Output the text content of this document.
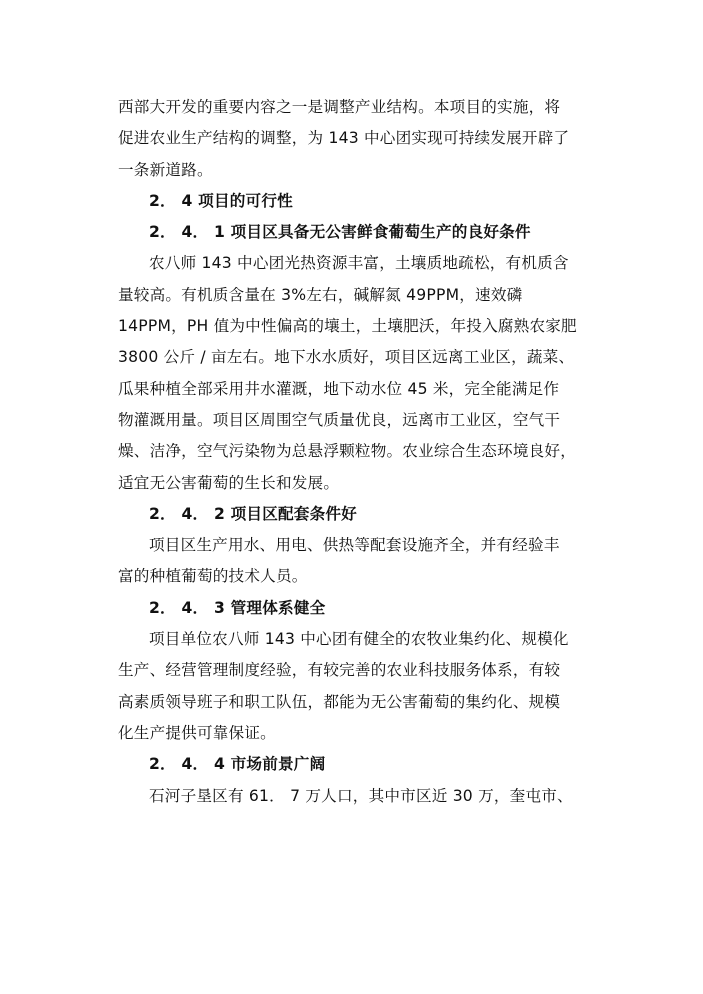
西部大开发的重要内容之一是调整产业结构。本项目的实施，将
促进农业生产结构的调整，为 143 中心团实现可持续发展开辟了
一条新道路。
2． 4 项目的可行性
2． 4． 1 项目区具备无公害鲜食葡萄生产的良好条件
农八师 143 中心团光热资源丰富，土壤质地疏松，有机质含
量较高。有机质含量在 3%左右，碱解氮 49PPM，速效磷
14PPM，PH 值为中性偏高的壤土，土壤肥沃，年投入腐熟农家肥
3800 公斤 / 亩左右。地下水水质好，项目区远离工业区，蔬菜、
瓜果种植全部采用井水灌溉，地下动水位 45 米，完全能满足作
物灌溉用量。项目区周围空气质量优良，远离市工业区，空气干
燥、洁净，空气污染物为总悬浮颗粒物。农业综合生态环境良好，
适宜无公害葡萄的生长和发展。
2． 4． 2 项目区配套条件好
项目区生产用水、用电、供热等配套设施齐全，并有经验丰
富的种植葡萄的技术人员。
2． 4． 3 管理体系健全
项目单位农八师 143 中心团有健全的农牧业集约化、规模化
生产、经营管理制度经验，有较完善的农业科技服务体系，有较
高素质领导班子和职工队伍，都能为无公害葡萄的集约化、规模
化生产提供可靠保证。
2． 4． 4 市场前景广阔
石河子垦区有 61． 7 万人口，其中市区近 30 万，奎屯市、
